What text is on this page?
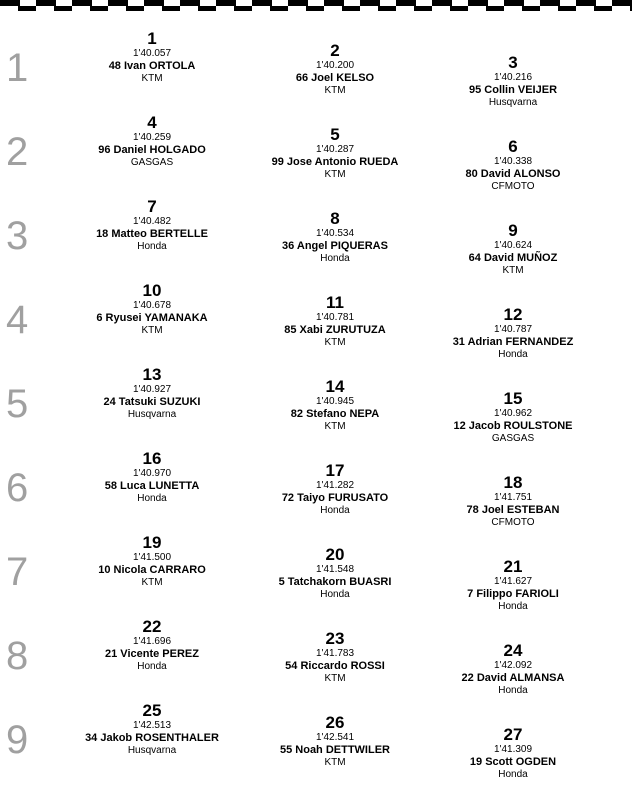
1
2
3
4
5
6
7
8
9
1
1'40.057
48 Ivan ORTOLA
KTM
2
1'40.200
66 Joel KELSO
KTM
3
1'40.216
95 Collin VEIJER
Husqvarna
4
1'40.259
96 Daniel HOLGADO
GASGAS
5
1'40.287
99 Jose Antonio RUEDA
KTM
6
1'40.338
80 David ALONSO
CFMOTO
7
1'40.482
18 Matteo BERTELLE
Honda
8
1'40.534
36 Angel PIQUERAS
Honda
9
1'40.624
64 David MUÑOZ
KTM
10
1'40.678
6 Ryusei YAMANAKA
KTM
11
1'40.781
85 Xabi ZURUTUZA
KTM
12
1'40.787
31 Adrian FERNANDEZ
Honda
13
1'40.927
24 Tatsuki SUZUKI
Husqvarna
14
1'40.945
82 Stefano NEPA
KTM
15
1'40.962
12 Jacob ROULSTONE
GASGAS
16
1'40.970
58 Luca LUNETTA
Honda
17
1'41.282
72 Taiyo FURUSATO
Honda
18
1'41.751
78 Joel ESTEBAN
CFMOTO
19
1'41.500
10 Nicola CARRARO
KTM
20
1'41.548
5 Tatchakorn BUASRI
Honda
21
1'41.627
7 Filippo FARIOLI
Honda
22
1'41.696
21 Vicente PEREZ
Honda
23
1'41.783
54 Riccardo ROSSI
KTM
24
1'42.092
22 David ALMANSA
Honda
25
1'42.513
34 Jakob ROSENTHALER
Husqvarna
26
1'42.541
55 Noah DETTWILER
KTM
27
1'41.309
19 Scott OGDEN
Honda
